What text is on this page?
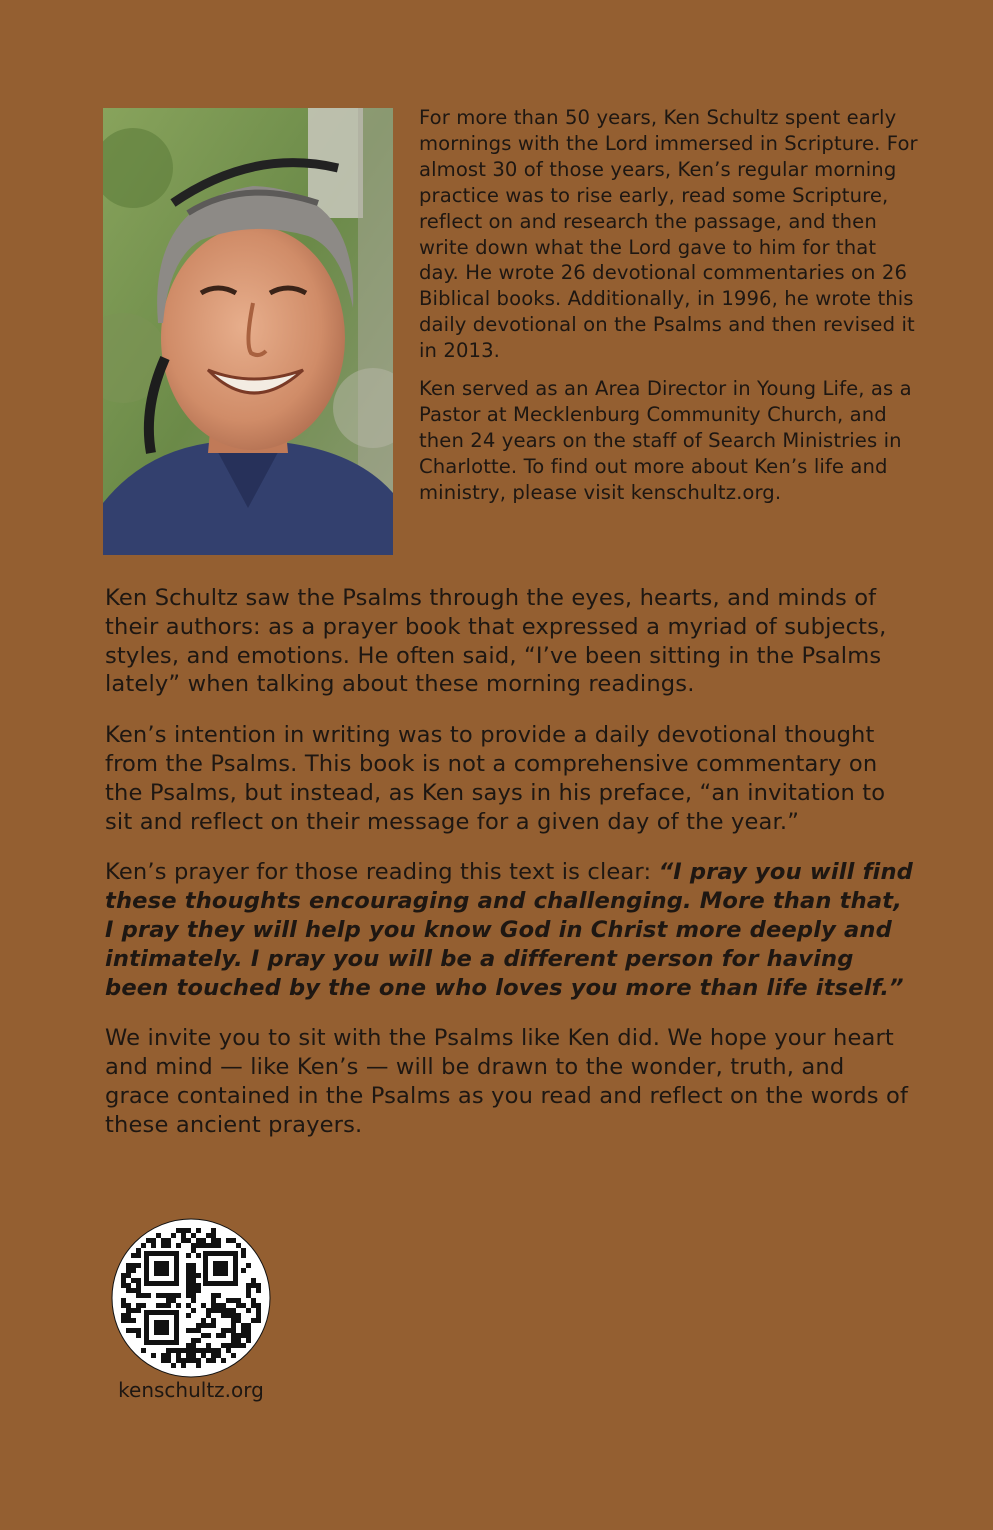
For more than 50 years, Ken Schultz spent early mornings with the Lord immersed in Scripture. For almost 30 of those years, Ken’s regular morning practice was to rise early, read some Scripture, reflect on and research the passage, and then write down what the Lord gave to him for that day. He wrote 26 devotional commentaries on 26 Biblical books. Additionally, in 1996, he wrote this daily devotional on the Psalms and then revised it in 2013.

Ken served as an Area Director in Young Life, as a Pastor at Mecklenburg Community Church, and then 24 years on the staff of Search Ministries in Charlotte. To find out more about Ken’s life and ministry, please visit kenschultz.org.

Ken Schultz saw the Psalms through the eyes, hearts, and minds of their authors: as a prayer book that expressed a myriad of subjects, styles, and emotions. He often said, “I’ve been sitting in the Psalms lately” when talking about these morning readings.

Ken’s intention in writing was to provide a daily devotional thought from the Psalms. This book is not a comprehensive commentary on the Psalms, but instead, as Ken says in his preface, “an invitation to sit and reflect on their message for a given day of the year.”

Ken’s prayer for those reading this text is clear: “I pray you will find these thoughts encouraging and challenging. More than that, I pray they will help you know God in Christ more deeply and intimately. I pray you will be a different person for having been touched by the one who loves you more than life itself.”

We invite you to sit with the Psalms like Ken did. We hope your heart and mind — like Ken’s — will be drawn to the wonder, truth, and grace contained in the Psalms as you read and reflect on the words of these ancient prayers.

kenschultz.org
